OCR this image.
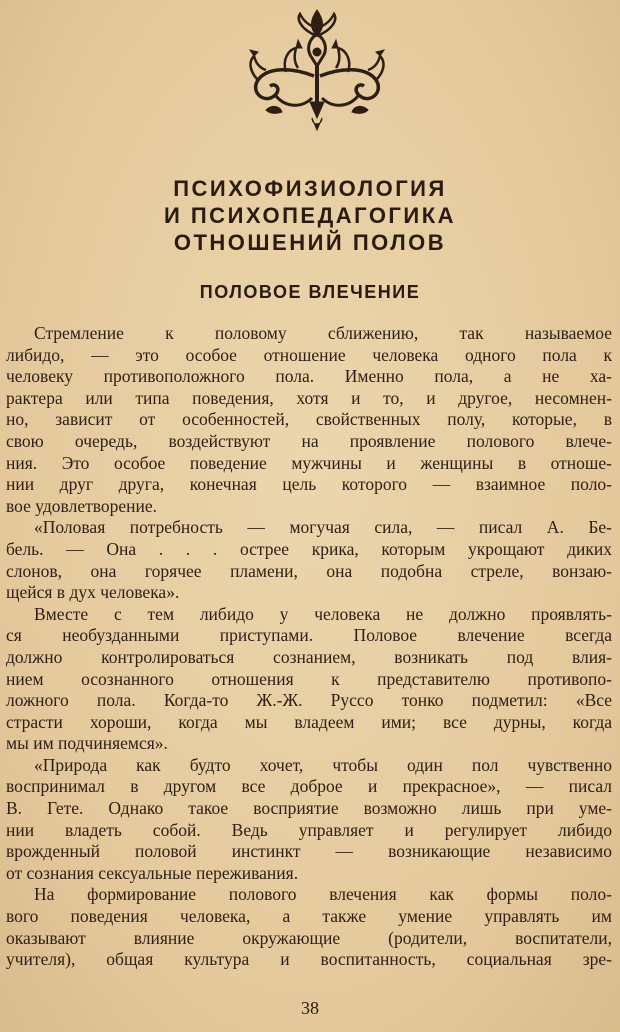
ПСИХОФИЗИОЛОГИЯ
И ПСИХОПЕДАГОГИКА
ОТНОШЕНИЙ ПОЛОВ
ПОЛОВОЕ ВЛЕЧЕНИЕ
Стремление к половому сближению, так называемое
либидо, — это особое отношение человека одного пола к
человеку противоположного пола. Именно пола, а не ха-
рактера или типа поведения, хотя и то, и другое, несомнен-
но, зависит от особенностей, свойственных полу, которые, в
свою очередь, воздействуют на проявление полового влече-
ния. Это особое поведение мужчины и женщины в отноше-
нии друг друга, конечная цель которого — взаимное поло-
вое удовлетворение.
«Половая потребность — могучая сила, — писал А. Бе-
бель. — Она . . . острее крика, которым укрощают диких
слонов, она горячее пламени, она подобна стреле, вонзаю-
щейся в дух человека».
Вместе с тем либидо у человека не должно проявлять-
ся необузданными приступами. Половое влечение всегда
должно контролироваться сознанием, возникать под влия-
нием осознанного отношения к представителю противопо-
ложного пола. Когда-то Ж.-Ж. Руссо тонко подметил: «Все
страсти хороши, когда мы владеем ими; все дурны, когда
мы им подчиняемся».
«Природа как будто хочет, чтобы один пол чувственно
воспринимал в другом все доброе и прекрасное», — писал
В. Гете. Однако такое восприятие возможно лишь при уме-
нии владеть собой. Ведь управляет и регулирует либидо
врожденный половой инстинкт — возникающие независимо
от сознания сексуальные переживания.
На формирование полового влечения как формы поло-
вого поведения человека, а также умение управлять им
оказывают влияние окружающие (родители, воспитатели,
учителя), общая культура и воспитанность, социальная зре-
38
